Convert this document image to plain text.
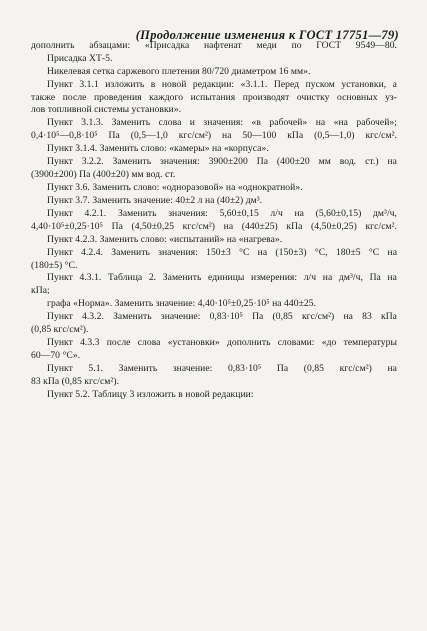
(Продолжение изменения к ГОСТ 17751—79)
дополнить абзацами: «Присадка нафтенат меди по ГОСТ 9549—80.
Присадка ХТ-5.
Никелевая сетка саржевого плетения 80/720 диаметром 16 мм».
Пункт 3.1.1 изложить в новой редакции: «3.1.1. Перед пуском установки, а
также после проведения каждого испытания производят очистку основных уз-
лов топливной системы установки».
Пункт 3.1.3. Заменить слова и значения: «в рабочей» на «на рабочей»;
0,4·10⁵—0,8·10⁵ Па (0,5—1,0 кгс/см²) на 50—100 кПа (0,5—1,0) кгс/см².
Пункт 3.1.4. Заменить слово: «камеры» на «корпуса».
Пункт 3.2.2. Заменить значения: 3900±200 Па (400±20 мм вод. ст.) на
(3900±200) Па (400±20) мм вод. ст.
Пункт 3.6. Заменить слово: «одноразовой» на «однократной».
Пункт 3.7. Заменить значение: 40±2 л на (40±2) дм³.
Пункт 4.2.1. Заменить значения: 5,60±0,15 л/ч на (5,60±0,15) дм³/ч,
4,40·10⁵±0,25·10⁵ Па (4,50±0,25 кгс/см²) на (440±25) кПа (4,50±0,25) кгс/см².
Пункт 4.2.3. Заменить слово: «испытаний» на «нагрева».
Пункт 4.2.4. Заменить значения: 150±3 °С на (150±3) °С, 180±5 °С на
(180±5) °С.
Пункт 4.3.1. Таблица 2. Заменить единицы измерения: л/ч на дм³/ч, Па на
кПа;
графа «Норма». Заменить значение: 4,40·10⁵±0,25·10⁵ на 440±25.
Пункт 4.3.2. Заменить значение: 0,83·10⁵ Па (0,85 кгс/см²) на 83 кПа
(0,85 кгс/см²).
Пункт 4.3.3 после слова «установки» дополнить словами: «до температуры
60—70 °С».
Пункт 5.1. Заменить значение: 0,83·10⁵ Па (0,85 кгс/см²) на
83 кПа (0,85 кгс/см²).
Пункт 5.2. Таблицу 3 изложить в новой редакции:
